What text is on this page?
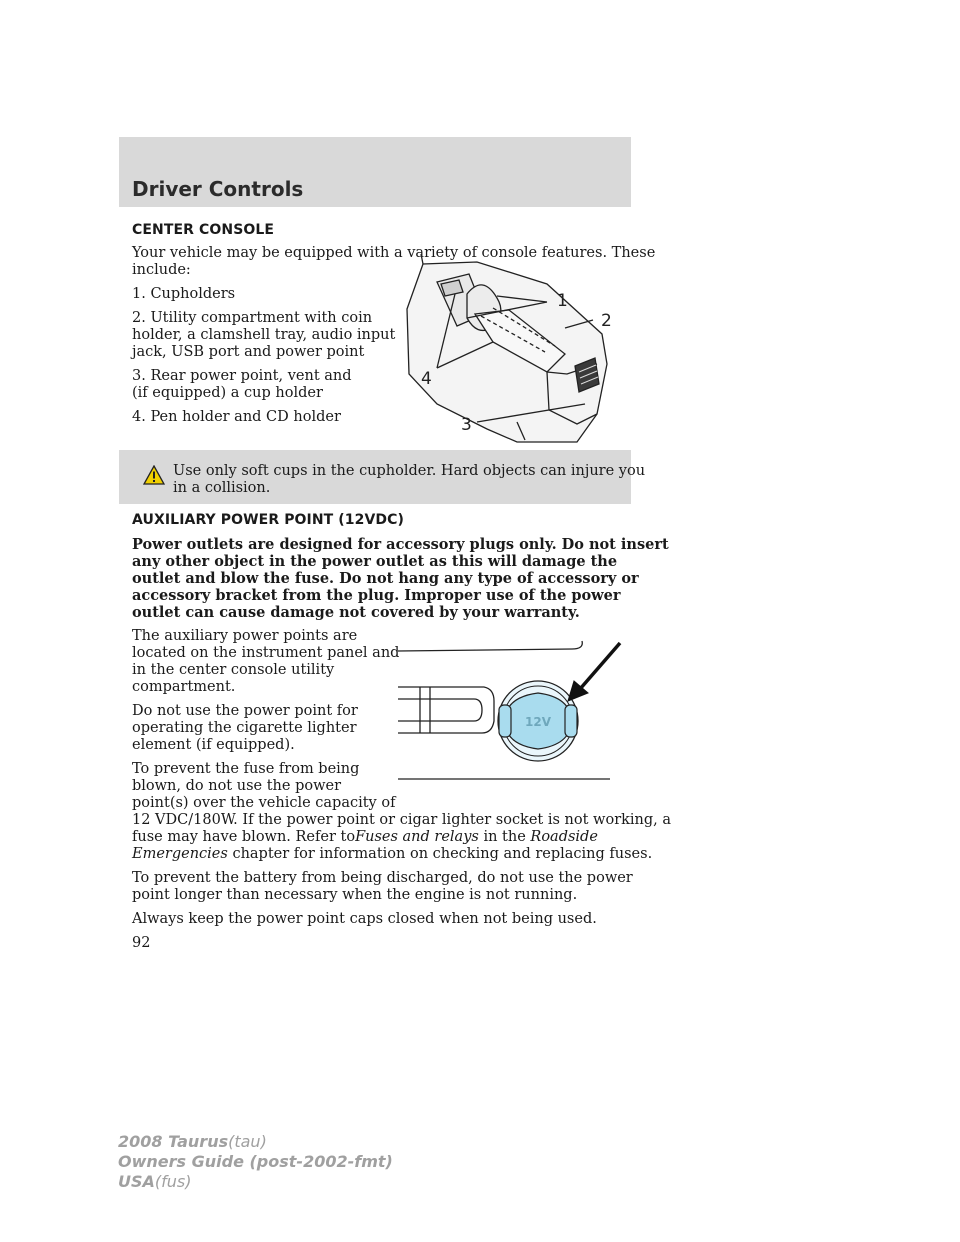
Driver Controls
CENTER CONSOLE
Your vehicle may be equipped with a variety of console features. These
include:
1. Cupholders
2. Utility compartment with coin
holder, a clamshell tray, audio input
jack, USB port and power point
3. Rear power point, vent and
(if equipped) a cup holder
4. Pen holder and CD holder
1
2
3
4
Use only soft cups in the cupholder. Hard objects can injure you
in a collision.
AUXILIARY POWER POINT (12VDC)
Power outlets are designed for accessory plugs only. Do not insert
any other object in the power outlet as this will damage the
outlet and blow the fuse. Do not hang any type of accessory or
accessory bracket from the plug. Improper use of the power
outlet can cause damage not covered by your warranty.
The auxiliary power points are
located on the instrument panel and
in the center console utility
compartment.
Do not use the power point for
operating the cigarette lighter
element (if equipped).
To prevent the fuse from being
blown, do not use the power
point(s) over the vehicle capacity of
12 VDC/180W. If the power point or cigar lighter socket is not working, a
fuse may have blown. Refer toFuses and relays in the Roadside
Emergencies chapter for information on checking and replacing fuses.
To prevent the battery from being discharged, do not use the power
point longer than necessary when the engine is not running.
Always keep the power point caps closed when not being used.
92
12V
2008 Taurus(tau)
Owners Guide (post-2002-fmt)
USA(fus)
